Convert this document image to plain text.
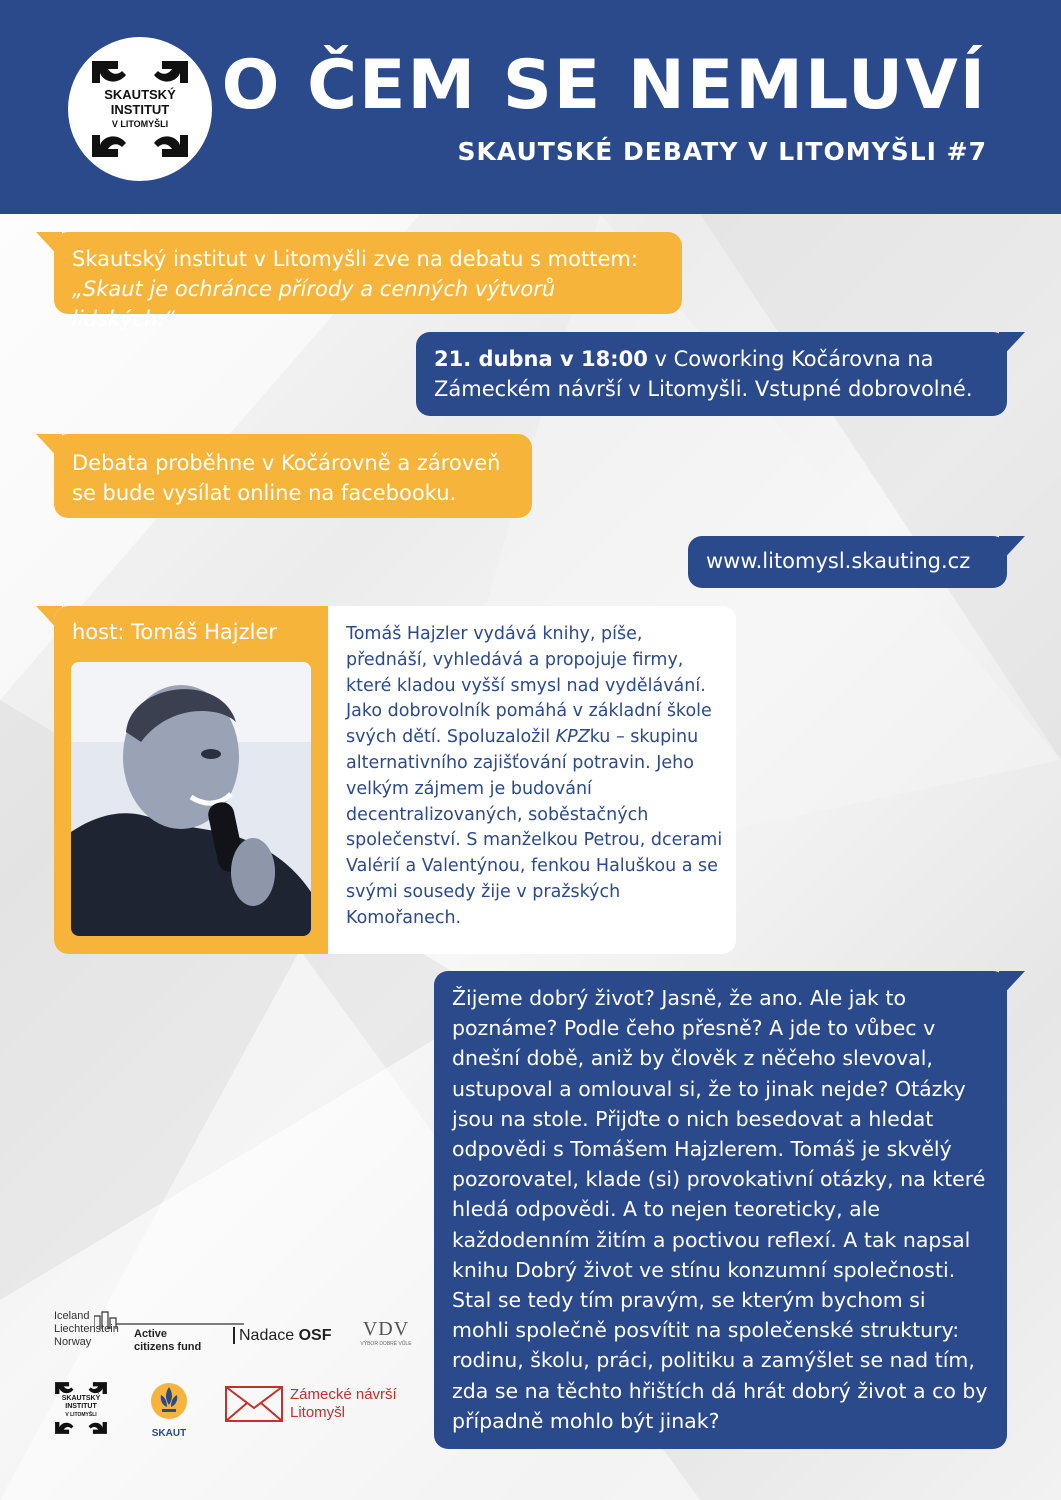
SKAUTSKÝ
INSTITUT
V LITOMYŠLI O ČEM SE NEMLUVÍ
SKAUTSKÉ DEBATY V LITOMYŠLI #7
Skautský institut v Litomyšli zve na debatu s mottem:
„Skaut je ochránce přírody a cenných výtvorů lidských.“
21. dubna v 18:00 v Coworking Kočárovna na Zámeckém návrší v Litomyšli. Vstupné dobrovolné.
Debata proběhne v Kočárovně a zároveň se bude vysílat online na facebooku.
www.litomysl.skauting.cz
host: Tomáš Hajzler	Tomáš Hajzler vydává knihy, píše, přednáší, vyhledává a propojuje firmy, které kladou vyšší smysl nad vydělávání. Jako dobrovolník pomáhá v základní škole svých dětí. Spoluzaložil KPZku – skupinu alternativního zajišťování potravin. Jeho velkým zájmem je budování decentralizovaných, soběstačných společenství. S manželkou Petrou, dcerami Valérií a Valentýnou, fenkou Haluškou a se svými sousedy žije v pražských Komořanech.
Žijeme dobrý život? Jasně, že ano. Ale jak to poznáme? Podle čeho přesně? A jde to vůbec v dnešní době, aniž by člověk z něčeho slevoval, ustupoval a omlouval si, že to jinak nejde? Otázky jsou na stole. Přijďte o nich besedovat a hledat odpovědi s Tomášem Hajzlerem. Tomáš je skvělý pozorovatel, klade (si) provokativní otázky, na které hledá odpovědi. A to nejen teoreticky, ale každodenním žitím a poctivou reflexí. A tak napsal knihu Dobrý život ve stínu konzumní společnosti. Stal se tedy tím pravým, se kterým bychom si mohli společně posvítit na společenské struktury: rodinu, školu, práci, politiku a zamýšlet se nad tím, zda se na těchto hřištích dá hrát dobrý život a co by případně mohlo být jinak?
Iceland
Liechtenstein
Norway
Active
citizens fund
Nadace OSF VDV
VÝBOR DOBRÉ VŮLE
SKAUTSKÝ
INSTITUT
V LITOMYŠLI
SKAUT
Zámecké návrší
Litomyšl
